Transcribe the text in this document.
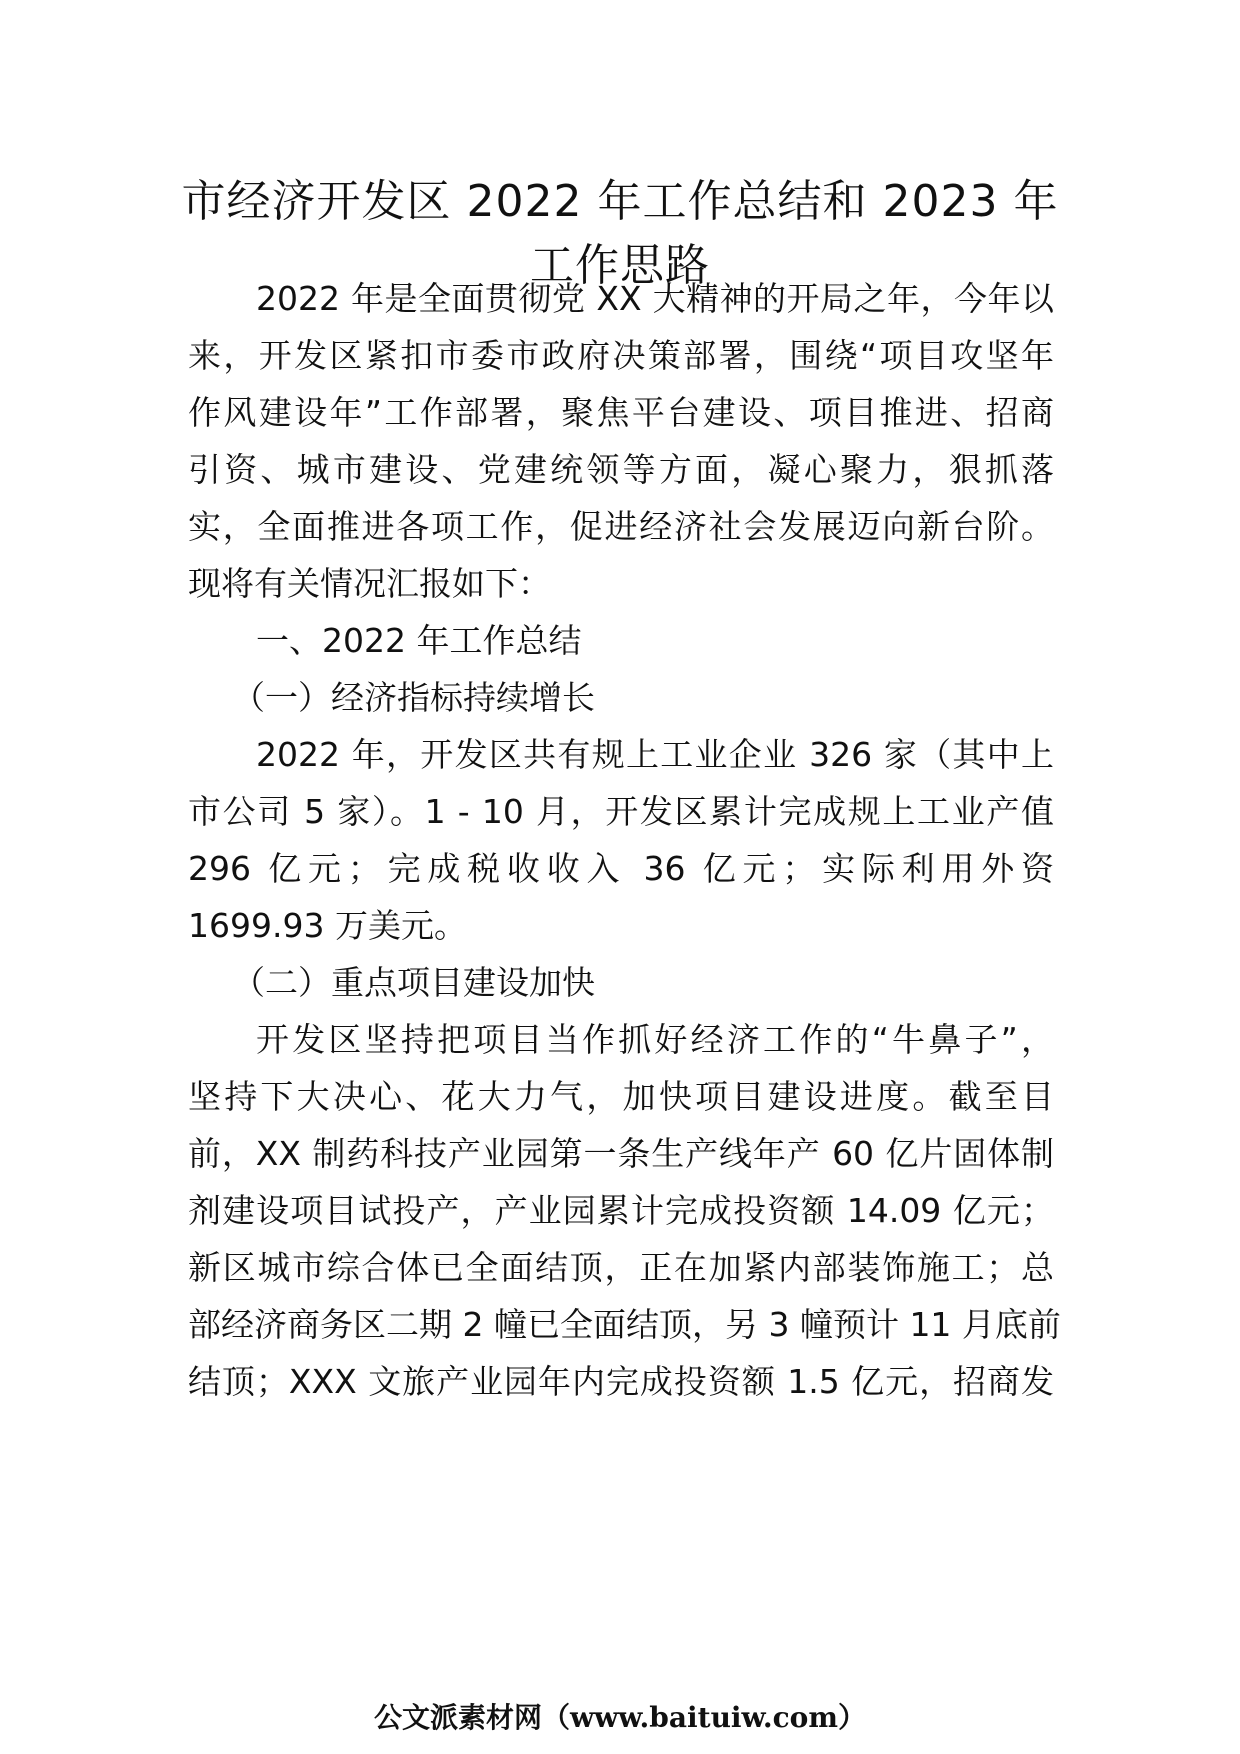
市经济开发区 2022 年工作总结和 2023 年
工作思路
2022 年是全面贯彻党 XX 大精神的开局之年，今年以
来，开发区紧扣市委市政府决策部署，围绕“项目攻坚年
作风建设年”工作部署，聚焦平台建设、项目推进、招商
引资、城市建设、党建统领等方面，凝心聚力，狠抓落
实，全面推进各项工作，促进经济社会发展迈向新台阶。
现将有关情况汇报如下：
一、2022 年工作总结
（一）经济指标持续增长
2022 年，开发区共有规上工业企业 326 家（其中上
市公司 5 家）。1 - 10 月，开发区累计完成规上工业产值
296 亿元；完成税收收入 36 亿元；实际利用外资
1699.93 万美元。
（二）重点项目建设加快
开发区坚持把项目当作抓好经济工作的“牛鼻子”，
坚持下大决心、花大力气，加快项目建设进度。截至目
前，XX 制药科技产业园第一条生产线年产 60 亿片固体制
剂建设项目试投产，产业园累计完成投资额 14.09 亿元；
新区城市综合体已全面结顶，正在加紧内部装饰施工；总
部经济商务区二期 2 幢已全面结顶，另 3 幢预计 11 月底前
结顶；XXX 文旅产业园年内完成投资额 1.5 亿元，招商发
公文派素材网（www.baituiw.com）
